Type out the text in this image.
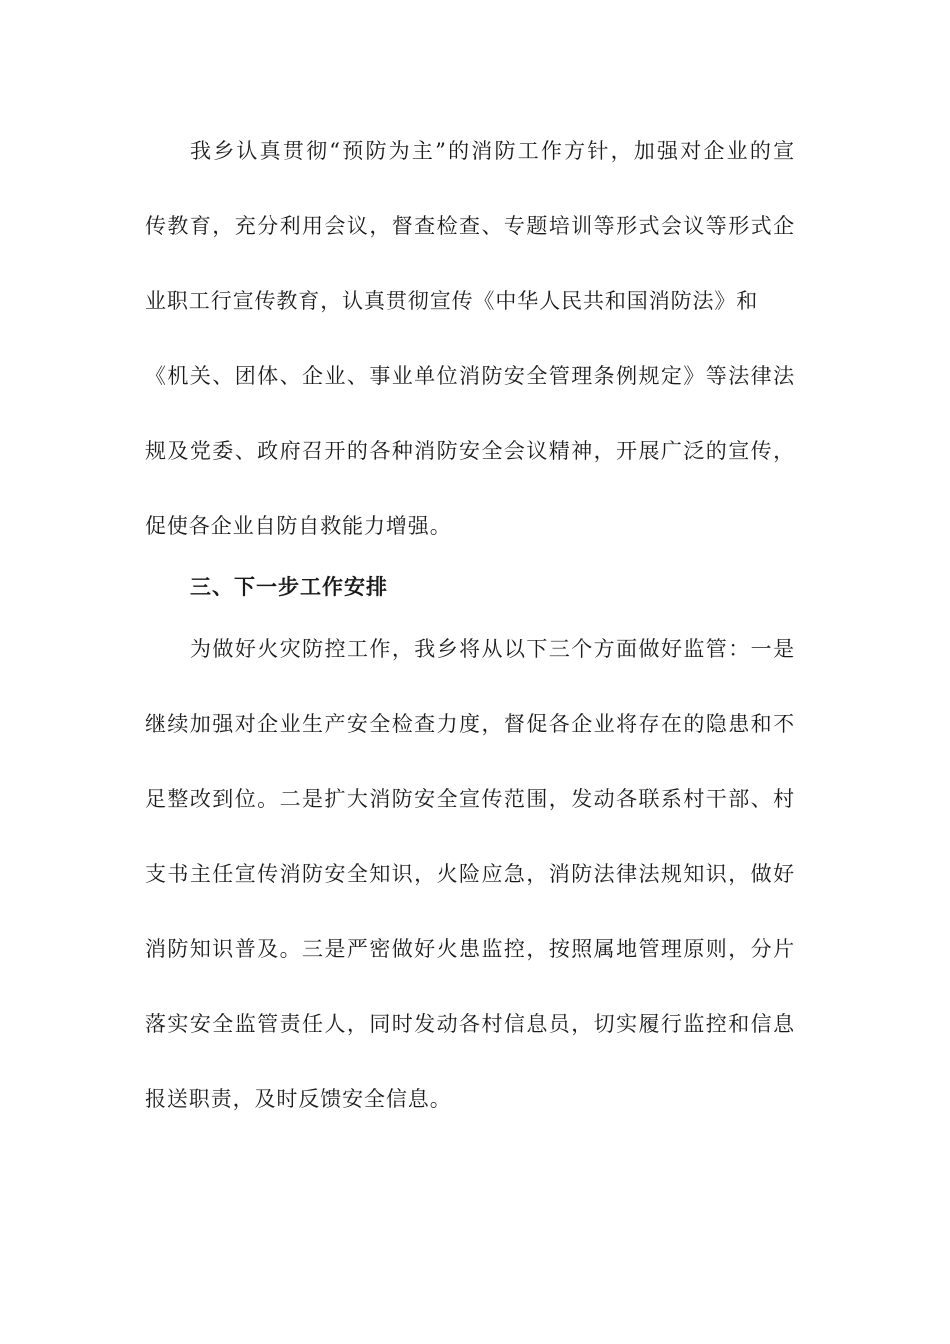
我乡认真贯彻“预防为主”的消防工作方针，加强对企业的宣
传教育，充分利用会议，督查检查、专题培训等形式会议等形式企
业职工行宣传教育，认真贯彻宣传《中华人民共和国消防法》和
《机关、团体、企业、事业单位消防安全管理条例规定》等法律法
规及党委、政府召开的各种消防安全会议精神，开展广泛的宣传，
促使各企业自防自救能力增强。
三、下一步工作安排
为做好火灾防控工作，我乡将从以下三个方面做好监管：一是
继续加强对企业生产安全检查力度，督促各企业将存在的隐患和不
足整改到位。二是扩大消防安全宣传范围，发动各联系村干部、村
支书主任宣传消防安全知识，火险应急，消防法律法规知识，做好
消防知识普及。三是严密做好火患监控，按照属地管理原则，分片
落实安全监管责任人，同时发动各村信息员，切实履行监控和信息
报送职责，及时反馈安全信息。
